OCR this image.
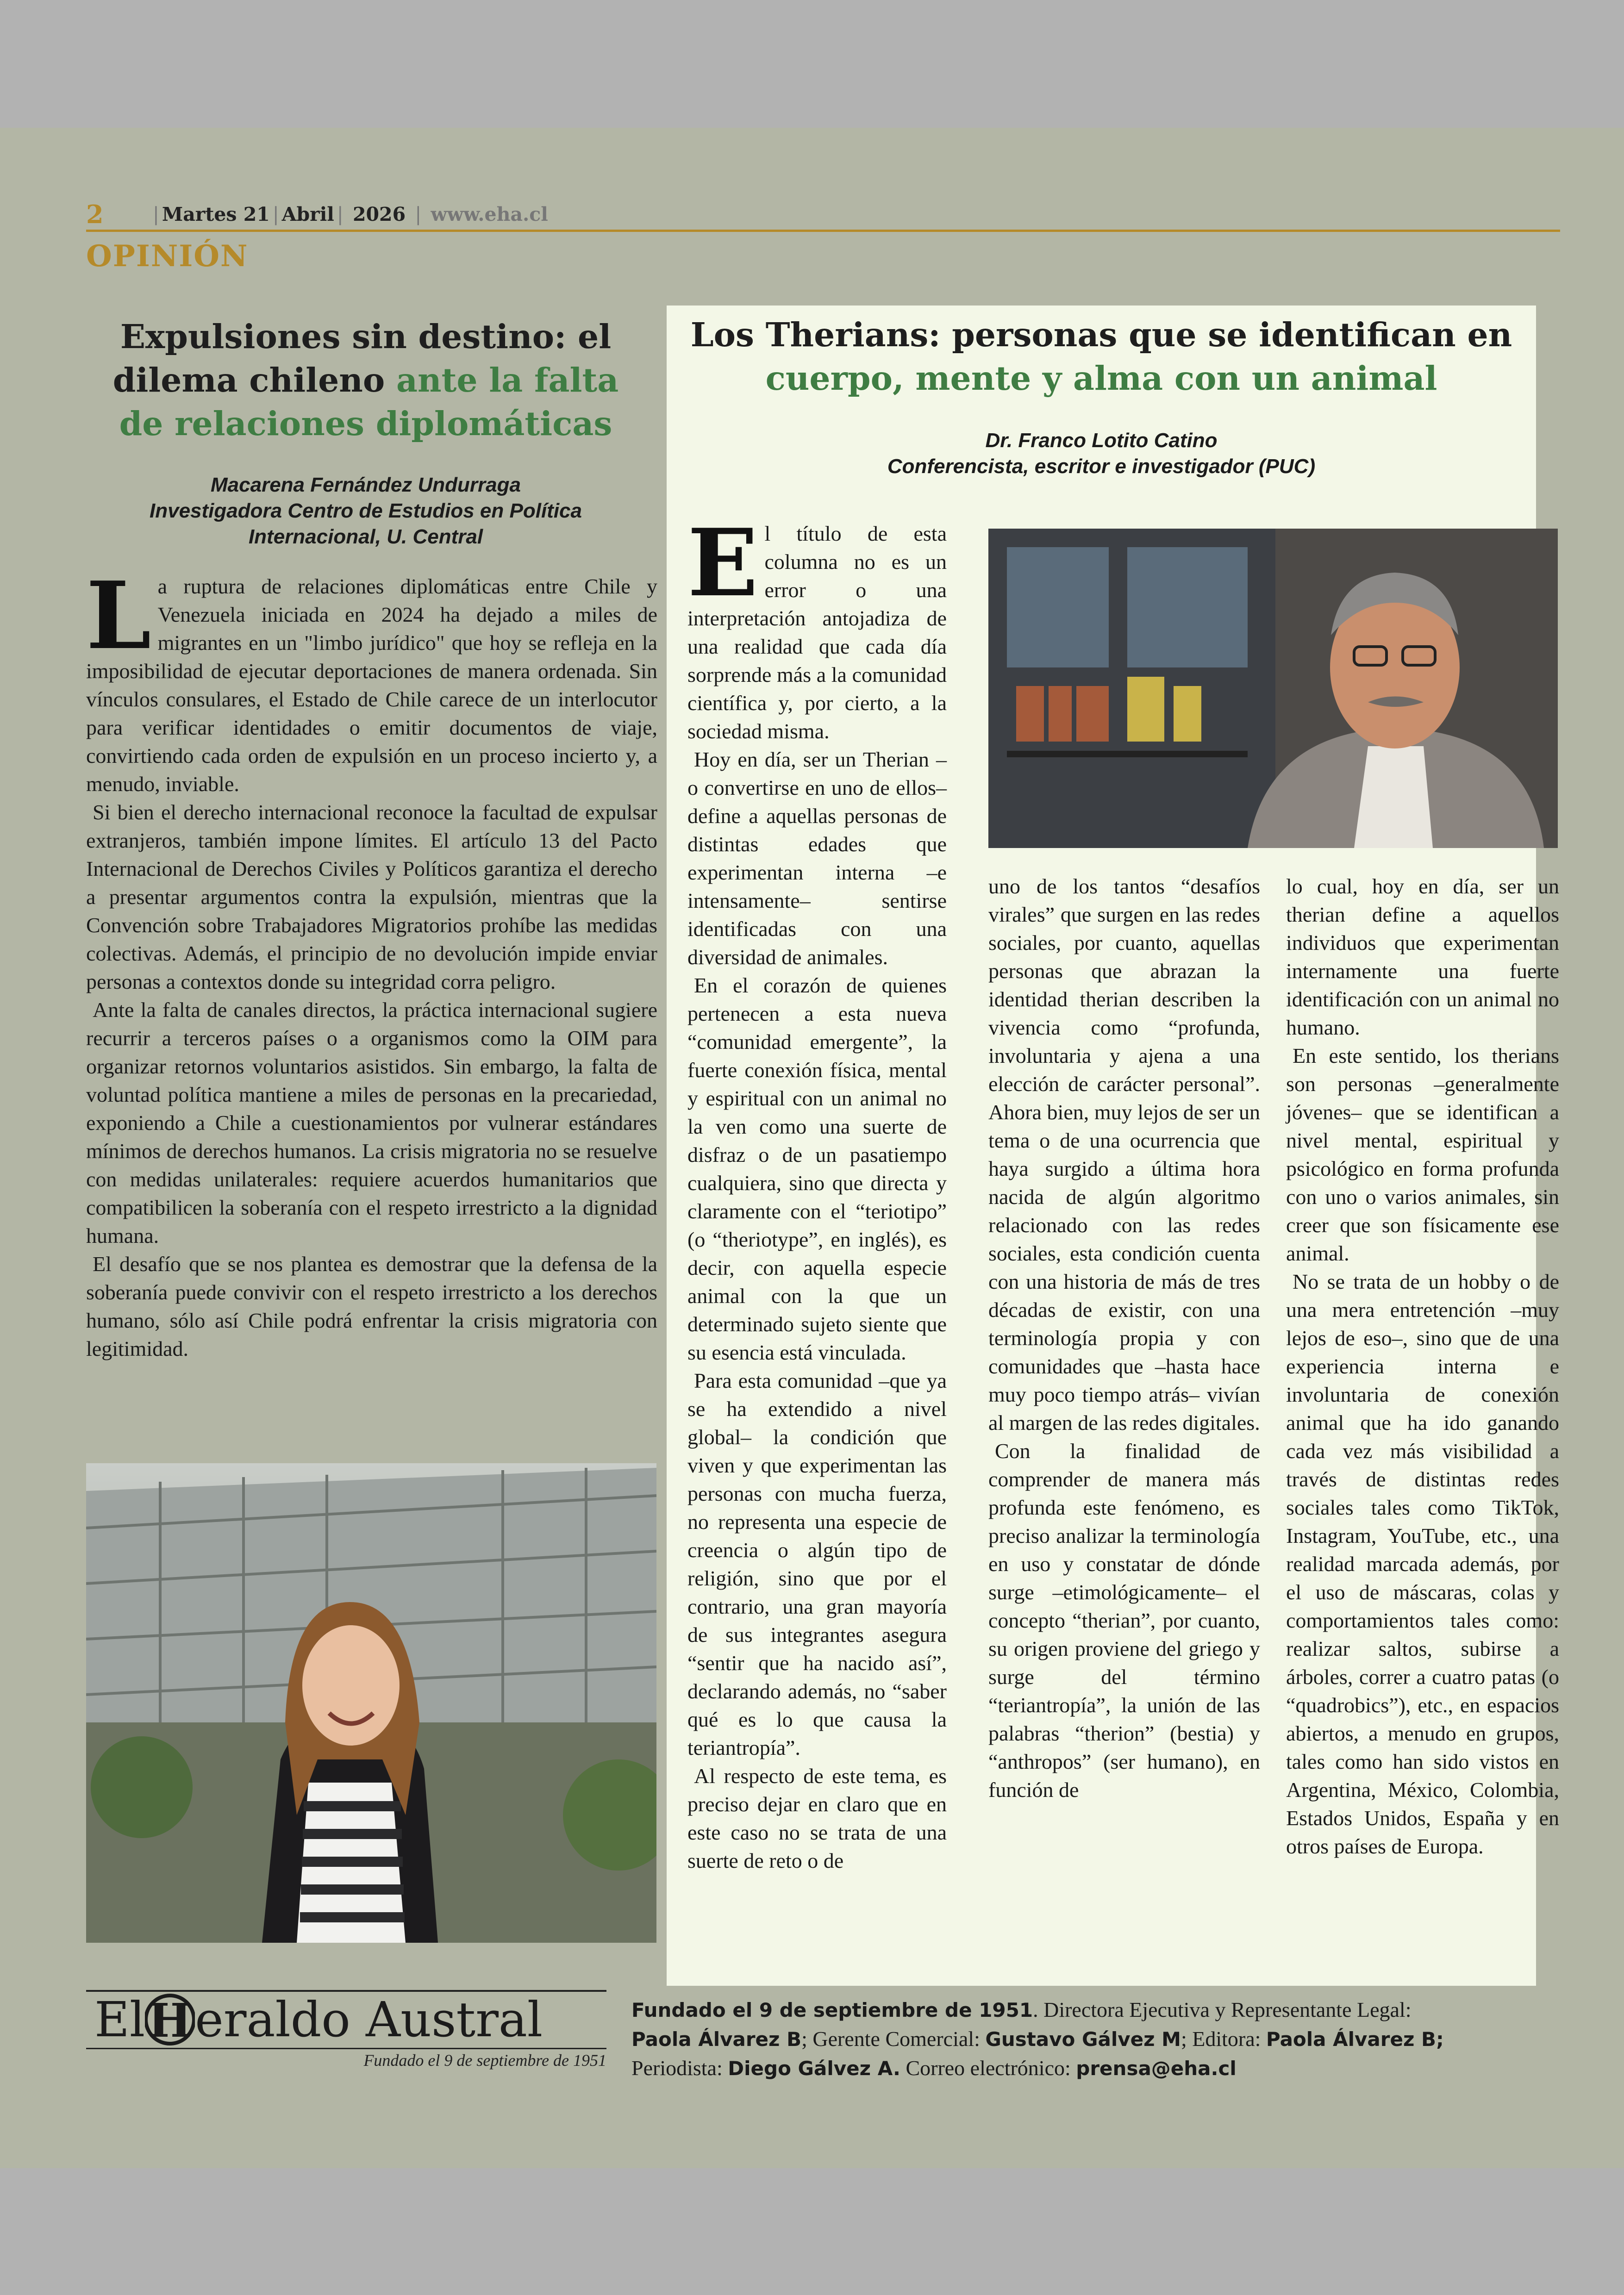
2	| Martes 21 | Abril | 2026 | www.eha.cl
OPINIÓN
Expulsiones sin destino: el dilema chileno ante la falta de relaciones diplomáticas
Macarena Fernández Undurraga
Investigadora Centro de Estudios en Política Internacional, U. Central

La ruptura de relaciones diplomáticas entre Chile y Venezuela iniciada en 2024 ha dejado a miles de migrantes en un "limbo jurídico" que hoy se refleja en la imposibilidad de ejecutar deportaciones de manera ordenada. Sin vínculos consulares, el Estado de Chile carece de un interlocutor para verificar identidades o emitir documentos de viaje, convirtiendo cada orden de expulsión en un proceso incierto y, a menudo, inviable.

Si bien el derecho internacional reconoce la facultad de expulsar extranjeros, también impone límites. El artículo 13 del Pacto Internacional de Derechos Civiles y Políticos garantiza el derecho a presentar argumentos contra la expulsión, mientras que la Convención sobre Trabajadores Migratorios prohíbe las medidas colectivas. Además, el principio de no devolución impide enviar personas a contextos donde su integridad corra peligro.

Ante la falta de canales directos, la práctica internacional sugiere recurrir a terceros países o a organismos como la OIM para organizar retornos voluntarios asistidos. Sin embargo, la falta de voluntad política mantiene a miles de personas en la precariedad, exponiendo a Chile a cuestionamientos por vulnerar estándares mínimos de derechos humanos. La crisis migratoria no se resuelve con medidas unilaterales: requiere acuerdos humanitarios que compatibilicen la soberanía con el respeto irrestricto a la dignidad humana.

El desafío que se nos plantea es demostrar que la defensa de la soberanía puede convivir con el respeto irrestricto a los derechos humano, sólo así Chile podrá enfrentar la crisis migratoria con legitimidad.

Los Therians: personas que se identifican en
cuerpo, mente y alma con un animal
Dr. Franco Lotito Catino
Conferencista, escritor e investigador (PUC)

El título de esta columna no es un error o una interpretación antojadiza de una realidad que cada día sorprende más a la comunidad científica y, por cierto, a la sociedad misma.

Hoy en día, ser un Therian –o convertirse en uno de ellos– define a aquellas personas de distintas edades que experimentan interna –e intensamente– sentirse identificadas con una diversidad de animales.

En el corazón de quienes pertenecen a esta nueva “comunidad emergente”, la fuerte conexión física, mental y espiritual con un animal no la ven como una suerte de disfraz o de un pasatiempo cualquiera, sino que directa y claramente con el “teriotipo” (o “theriotype”, en inglés), es decir, con aquella especie animal con la que un determinado sujeto siente que su esencia está vinculada.

Para esta comunidad –que ya se ha extendido a nivel global– la condición que viven y que experimentan las personas con mucha fuerza, no representa una especie de creencia o algún tipo de religión, sino que por el contrario, una gran mayoría de sus integrantes asegura “sentir que ha nacido así”, declarando además, no “saber qué es lo que causa la teriantropía”.

Al respecto de este tema, es preciso dejar en claro que en este caso no se trata de una suerte de reto o de

uno de los tantos “desafíos virales” que surgen en las redes sociales, por cuanto, aquellas personas que abrazan la identidad therian describen la vivencia como “profunda, involuntaria y ajena a una elección de carácter personal”. Ahora bien, muy lejos de ser un tema o de una ocurrencia que haya surgido a última hora nacida de algún algoritmo relacionado con las redes sociales, esta condición cuenta con una historia de más de tres décadas de existir, con una terminología propia y con comunidades que –hasta hace muy poco tiempo atrás– vivían al margen de las redes digitales.

Con la finalidad de comprender de manera más profunda este fenómeno, es preciso analizar la terminología en uso y constatar de dónde surge –etimológicamente– el concepto “therian”, por cuanto, su origen proviene del griego y surge del término “teriantropía”, la unión de las palabras “therion” (bestia) y “anthropos” (ser humano), en función de

lo cual, hoy en día, ser un therian define a aquellos individuos que experimentan internamente una fuerte identificación con un animal no humano.

En este sentido, los therians son personas –generalmente jóvenes– que se identifican a nivel mental, espiritual y psicológico en forma profunda con uno o varios animales, sin creer que son físicamente ese animal.

No se trata de un hobby o de una mera entretención –muy lejos de eso–, sino que de una experiencia interna e involuntaria de conexión animal que ha ido ganando cada vez más visibilidad a través de distintas redes sociales tales como TikTok, Instagram, YouTube, etc., una realidad marcada además, por el uso de máscaras, colas y comportamientos tales como: realizar saltos, subirse a árboles, correr a cuatro patas (o “quadrobics”), etc., en espacios abiertos, a menudo en grupos, tales como han sido vistos en Argentina, México, Colombia, Estados Unidos, España y en otros países de Europa.

El H eraldo Austral
Fundado el 9 de septiembre de 1951
Fundado el 9 de septiembre de 1951. Directora Ejecutiva y Representante Legal:
Paola Álvarez B; Gerente Comercial: Gustavo Gálvez M; Editora: Paola Álvarez B;
Periodista: Diego Gálvez A. Correo electrónico: prensa@eha.cl
